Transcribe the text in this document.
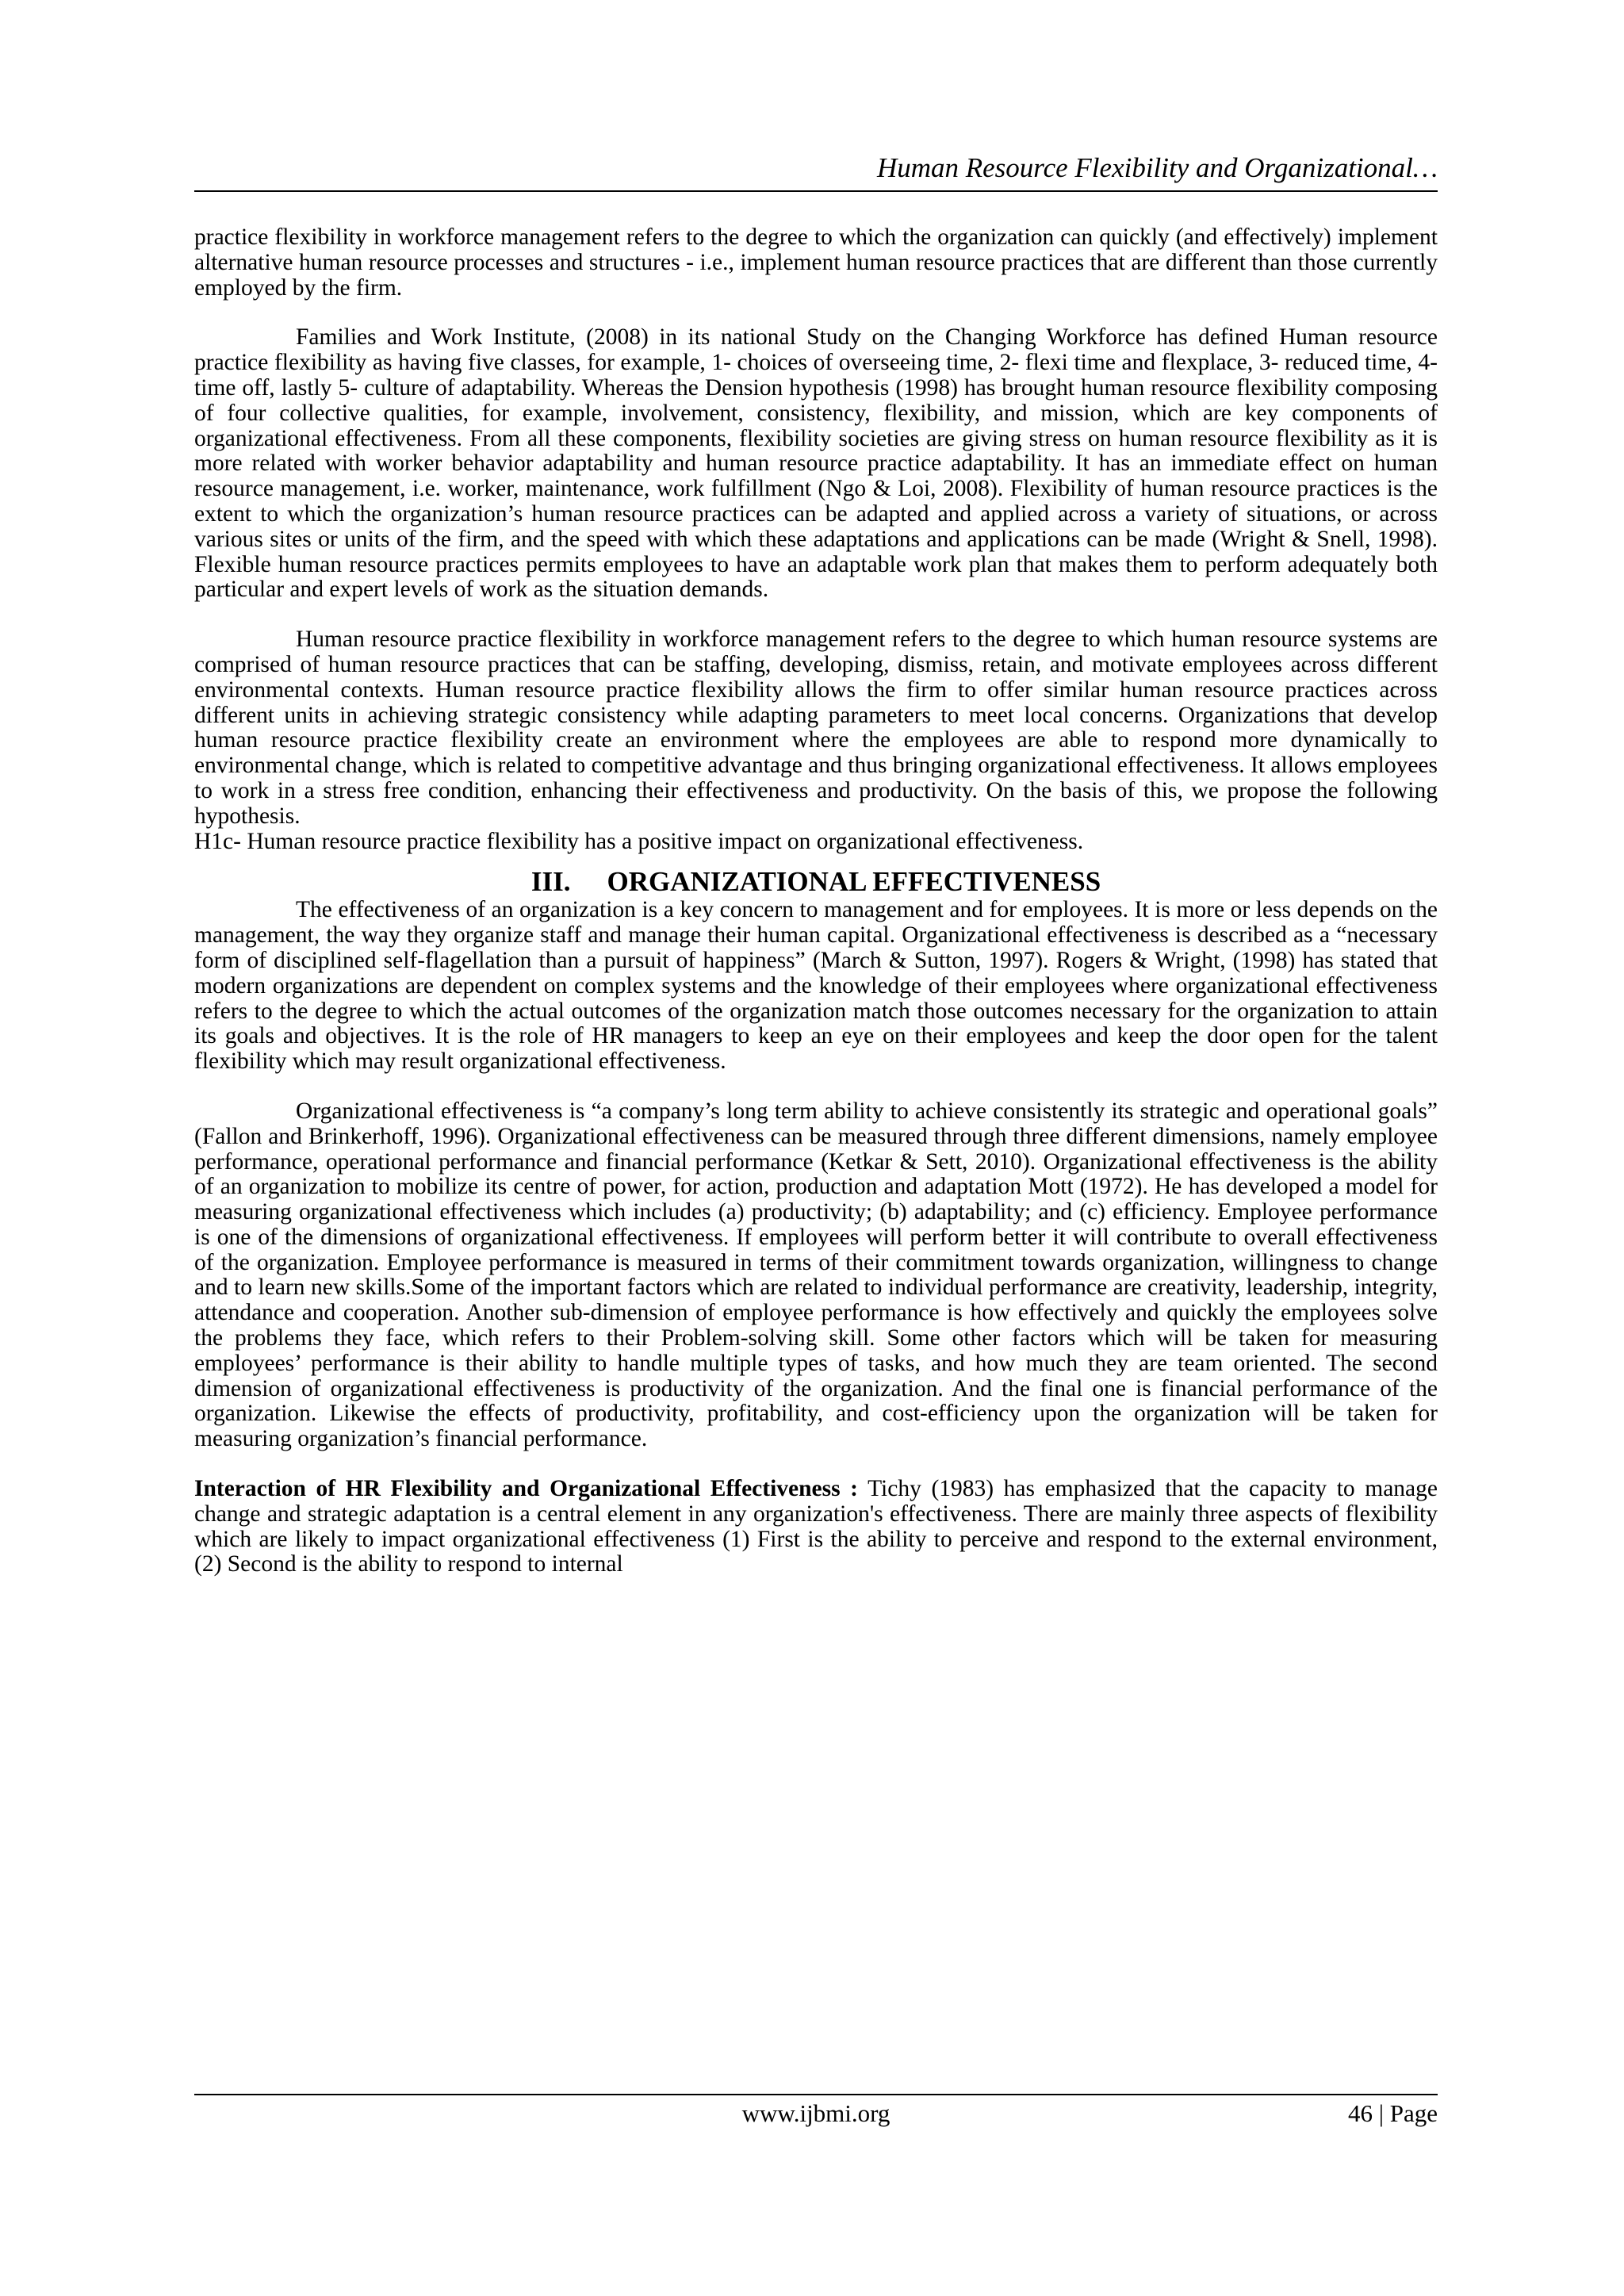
Human Resource Flexibility and Organizational…

practice flexibility in workforce management refers to the degree to which the organization can quickly (and effectively) implement alternative human resource processes and structures - i.e., implement human resource practices that are different than those currently employed by the firm.

Families and Work Institute, (2008) in its national Study on the Changing Workforce has defined Human resource practice flexibility as having five classes, for example, 1- choices of overseeing time, 2- flexi time and flexplace, 3- reduced time, 4- time off, lastly 5- culture of adaptability. Whereas the Dension hypothesis (1998) has brought human resource flexibility composing of four collective qualities, for example, involvement, consistency, flexibility, and mission, which are key components of organizational effectiveness. From all these components, flexibility societies are giving stress on human resource flexibility as it is more related with worker behavior adaptability and human resource practice adaptability. It has an immediate effect on human resource management, i.e. worker, maintenance, work fulfillment (Ngo & Loi, 2008). Flexibility of human resource practices is the extent to which the organization’s human resource practices can be adapted and applied across a variety of situations, or across various sites or units of the firm, and the speed with which these adaptations and applications can be made (Wright & Snell, 1998). Flexible human resource practices permits employees to have an adaptable work plan that makes them to perform adequately both particular and expert levels of work as the situation demands.

Human resource practice flexibility in workforce management refers to the degree to which human resource systems are comprised of human resource practices that can be staffing, developing, dismiss, retain, and motivate employees across different environmental contexts. Human resource practice flexibility allows the firm to offer similar human resource practices across different units in achieving strategic consistency while adapting parameters to meet local concerns. Organizations that develop human resource practice flexibility create an environment where the employees are able to respond more dynamically to environmental change, which is related to competitive advantage and thus bringing organizational effectiveness. It allows employees to work in a stress free condition, enhancing their effectiveness and productivity. On the basis of this, we propose the following hypothesis.

H1c- Human resource practice flexibility has a positive impact on organizational effectiveness.

III. ORGANIZATIONAL EFFECTIVENESS

The effectiveness of an organization is a key concern to management and for employees. It is more or less depends on the management, the way they organize staff and manage their human capital. Organizational effectiveness is described as a “necessary form of disciplined self-flagellation than a pursuit of happiness” (March & Sutton, 1997). Rogers & Wright, (1998) has stated that modern organizations are dependent on complex systems and the knowledge of their employees where organizational effectiveness refers to the degree to which the actual outcomes of the organization match those outcomes necessary for the organization to attain its goals and objectives. It is the role of HR managers to keep an eye on their employees and keep the door open for the talent flexibility which may result organizational effectiveness.

Organizational effectiveness is “a company’s long term ability to achieve consistently its strategic and operational goals” (Fallon and Brinkerhoff, 1996). Organizational effectiveness can be measured through three different dimensions, namely employee performance, operational performance and financial performance (Ketkar & Sett, 2010). Organizational effectiveness is the ability of an organization to mobilize its centre of power, for action, production and adaptation Mott (1972). He has developed a model for measuring organizational effectiveness which includes (a) productivity; (b) adaptability; and (c) efficiency. Employee performance is one of the dimensions of organizational effectiveness. If employees will perform better it will contribute to overall effectiveness of the organization. Employee performance is measured in terms of their commitment towards organization, willingness to change and to learn new skills.Some of the important factors which are related to individual performance are creativity, leadership, integrity, attendance and cooperation. Another sub-dimension of employee performance is how effectively and quickly the employees solve the problems they face, which refers to their Problem-solving skill. Some other factors which will be taken for measuring employees’ performance is their ability to handle multiple types of tasks, and how much they are team oriented. The second dimension of organizational effectiveness is productivity of the organization. And the final one is financial performance of the organization. Likewise the effects of productivity, profitability, and cost-efficiency upon the organization will be taken for measuring organization’s financial performance.

Interaction of HR Flexibility and Organizational Effectiveness : Tichy (1983) has emphasized that the capacity to manage change and strategic adaptation is a central element in any organization's effectiveness. There are mainly three aspects of flexibility which are likely to impact organizational effectiveness (1) First is the ability to perceive and respond to the external environment, (2) Second is the ability to respond to internal

www.ijbmi.org	46 | Page
